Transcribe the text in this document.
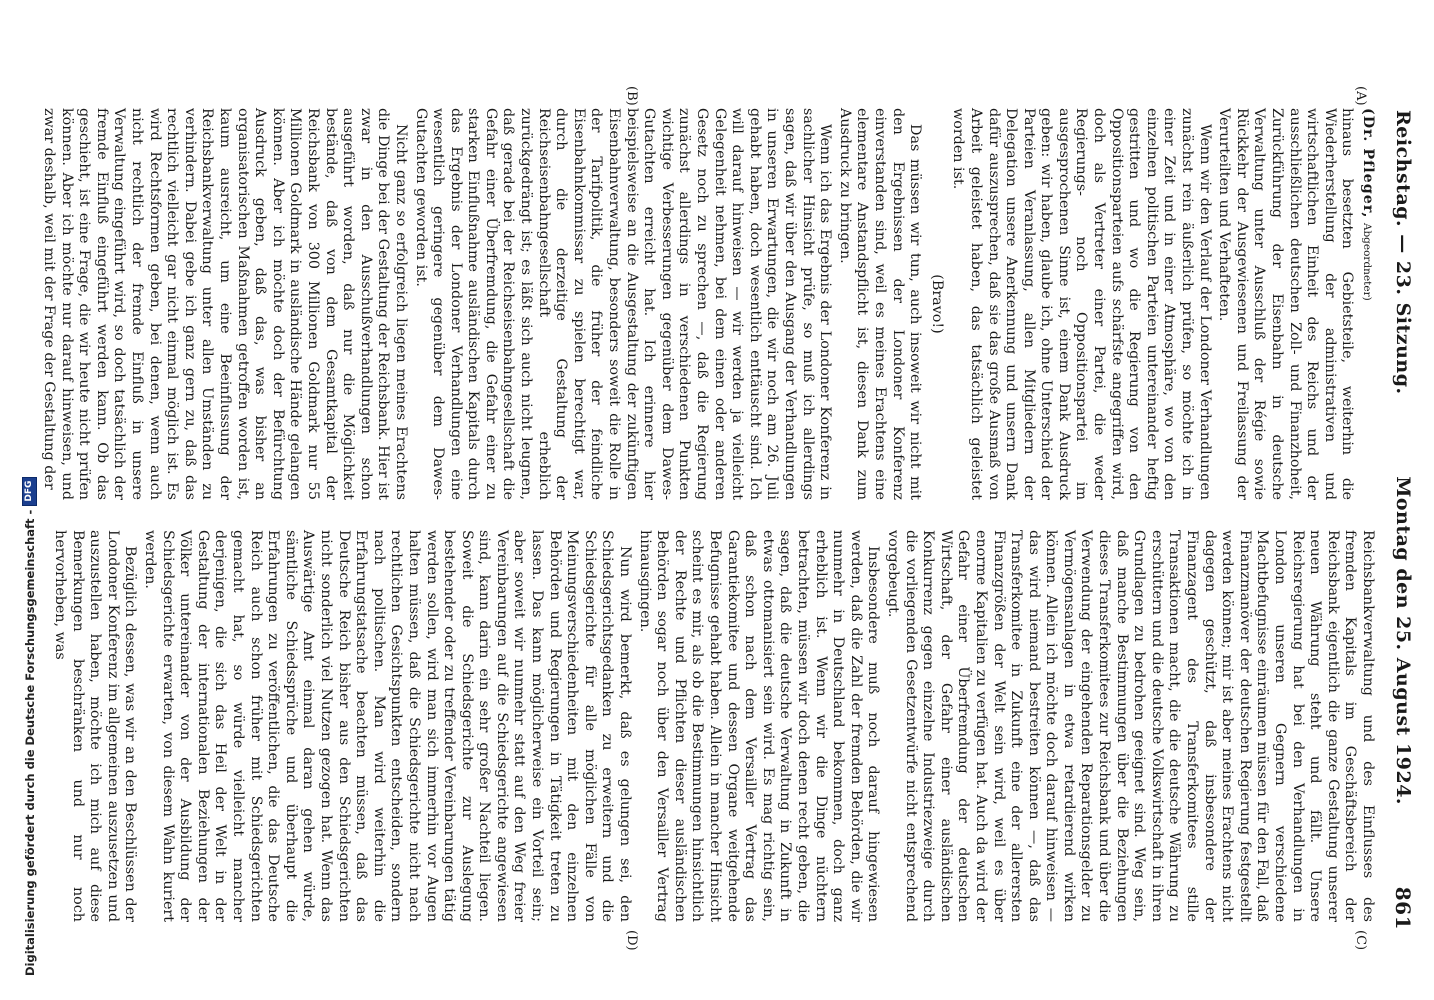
Reichstag. — 23. Sitzung.
Montag den 25. August 1924.
861
(A)
(B)
(C)
(D)

(Dr. Pfleger, Abgeordneter)

hinaus besetzten Gebietsteile, weiterhin die Wiederherstellung der administrativen und wirtschaftlichen Einheit des Reichs und der ausschließlichen deutschen Zoll- und Finanzhoheit, Zurückführung der Eisenbahn in deutsche Verwaltung unter Ausschluß der Régie sowie Rückkehr der Ausgewiesenen und Freilassung der Verurteilten und Verhafteten.

Wenn wir den Verlauf der Londoner Verhandlungen zunächst rein äußerlich prüfen, so möchte ich in einer Zeit und in einer Atmosphäre, wo von den einzelnen politischen Parteien untereinander heftig gestritten und wo die Regierung von den Oppositionsparteien aufs schärfste angegriffen wird, doch als Vertreter einer Partei, die weder Regierungs- noch Oppositionspartei im ausgesprochenen Sinne ist, einem Dank Ausdruck geben: wir haben, glaube ich, ohne Unterschied der Parteien Veranlassung, allen Mitgliedern der Delegation unsere Anerkennung und unsern Dank dafür auszusprechen, daß sie das große Ausmaß von Arbeit geleistet haben, das tatsächlich geleistet worden ist.

(Bravo!)

Das müssen wir tun, auch insoweit wir nicht mit den Ergebnissen der Londoner Konferenz einverstanden sind, weil es meines Erachtens eine elementare Anstandspflicht ist, diesen Dank zum Ausdruck zu bringen.

Wenn ich das Ergebnis der Londoner Konferenz in sachlicher Hinsicht prüfe, so muß ich allerdings sagen, daß wir über den Ausgang der Verhandlungen in unseren Erwartungen, die wir noch am 26. Juli gehabt haben, doch wesentlich enttäuscht sind. Ich will darauf hinweisen — wir werden ja vielleicht Gelegenheit nehmen, bei dem einen oder anderen Gesetz noch zu sprechen —, daß die Regierung zunächst allerdings in verschiedenen Punkten wichtige Verbesserungen gegenüber dem Dawes-Gutachten erreicht hat. Ich erinnere hier beispielsweise an die Ausgestaltung der zukünftigen Eisenbahnverwaltung, besonders soweit die Rolle in der Tarifpolitik, die früher der feindliche Eisenbahnkommissar zu spielen berechtigt war, durch die derzeitige Gestaltung der Reichseisenbahngesellschaft erheblich zurückgedrängt ist; es läßt sich auch nicht leugnen, daß gerade bei der Reichseisenbahngesellschaft die Gefahr einer Überfremdung, die Gefahr einer zu starken Einflußnahme ausländischen Kapitals durch das Ergebnis der Londoner Verhandlungen eine wesentlich geringere gegenüber dem Dawes-Gutachten geworden ist.

Nicht ganz so erfolgreich liegen meines Erachtens die Dinge bei der Gestaltung der Reichsbank. Hier ist zwar in den Ausschußverhandlungen schon ausgeführt worden, daß nur die Möglichkeit bestände, daß von dem Gesamtkapital der Reichsbank von 300 Millionen Goldmark nur 55 Millionen Goldmark in ausländische Hände gelangen können. Aber ich möchte doch der Befürchtung Ausdruck geben, daß das, was bisher an organisatorischen Maßnahmen getroffen worden ist, kaum ausreicht, um eine Beeinflussung der Reichsbankverwaltung unter allen Umständen zu verhindern. Dabei gebe ich ganz gern zu, daß das rechtlich vielleicht gar nicht einmal möglich ist. Es wird Rechtsformen geben, bei denen, wenn auch nicht rechtlich der fremde Einfluß in unsere Verwaltung eingeführt wird, so doch tatsächlich der fremde Einfluß eingeführt werden kann. Ob das geschieht, ist eine Frage, die wir heute nicht prüfen können. Aber ich möchte nur darauf hinweisen, und zwar deshalb, weil mit der Frage der Gestaltung der

Reichsbankverwaltung und des Einflusses des fremden Kapitals im Geschäftsbereich der Reichsbank eigentlich die ganze Gestaltung unserer neuen Währung steht und fällt. Unsere Reichsregierung hat bei den Verhandlungen in London unseren Gegnern verschiedene Machtbefugnisse einräumen müssen für den Fall, daß Finanzmanöver der deutschen Regierung festgestellt werden können; mir ist aber meines Erachtens nicht dagegen geschützt, daß insbesondere der Finanzagent des Transferkomitees stille Transaktionen macht, die die deutsche Währung zu erschüttern und die deutsche Volkswirtschaft in ihren Grundlagen zu bedrohen geeignet sind. Weg sein, daß manche Bestimmungen über die Beziehungen dieses Transferkomitees zur Reichsbank und über die Verwendung der eingehenden Reparationsgelder zu Vermögensanlagen in etwa retardierend wirken können. Allein ich möchte doch darauf hinweisen — das wird niemand bestreiten können —, daß das Transferkomitee in Zukunft eine der allerersten Finanzgrößen der Welt sein wird, weil es über enorme Kapitalien zu verfügen hat. Auch da wird der Gefahr einer Überfremdung der deutschen Wirtschaft, der Gefahr einer ausländischen Konkurrenz gegen einzelne Industriezweige durch die vorliegenden Gesetzentwürfe nicht entsprechend vorgebeugt.

Insbesondere muß noch darauf hingewiesen werden, daß die Zahl der fremden Behörden, die wir nunmehr in Deutschland bekommen, doch ganz erheblich ist. Wenn wir die Dinge nüchtern betrachten, müssen wir doch denen recht geben, die sagen, daß die deutsche Verwaltung in Zukunft in etwas ottomanisiert sein wird. Es mag richtig sein, daß schon nach dem Versailler Vertrag das Garantiekomitee und dessen Organe weitgehende Befugnisse gehabt haben. Allein in mancher Hinsicht scheint es mir, als ob die Bestimmungen hinsichtlich der Rechte und Pflichten dieser ausländischen Behörden sogar noch über den Versailler Vertrag hinausgingen.

Nun wird bemerkt, daß es gelungen sei, den Schiedsgerichtsgedanken zu erweitern und die Schiedsgerichte für alle möglichen Fälle von Meinungsverschiedenheiten mit den einzelnen Behörden und Regierungen in Tätigkeit treten zu lassen. Das kann möglicherweise ein Vorteil sein; aber soweit wir nunmehr statt auf den Weg freier Vereinbarungen auf die Schiedsgerichte angewiesen sind, kann darin ein sehr großer Nachteil liegen. Soweit die Schiedsgerichte zur Auslegung bestehender oder zu treffender Vereinbarungen tätig werden sollen, wird man sich immerhin vor Augen halten müssen, daß die Schiedsgerichte nicht nach rechtlichen Gesichtspunkten entscheiden, sondern nach politischen. Man wird weiterhin die Erfahrungstatsache beachten müssen, daß das Deutsche Reich bisher aus den Schiedsgerichten nicht sonderlich viel Nutzen gezogen hat. Wenn das Auswärtige Amt einmal daran gehen würde, sämtliche Schiedssprüche und überhaupt die Erfahrungen zu veröffentlichen, die das Deutsche Reich auch schon früher mit Schiedsgerichten gemacht hat, so würde vielleicht mancher derjenigen, die sich das Heil der Welt in der Gestaltung der internationalen Beziehungen der Völker untereinander von der Ausbildung der Schiedsgerichte erwarten, von diesem Wahn kuriert werden.

Bezüglich dessen, was wir an den Beschlüssen der Londoner Konferenz im allgemeinen auszusetzen und auszustellen haben, möchte ich mich auf diese Bemerkungen beschränken und nur noch hervorheben, was

Digitalisierung gefördert durch die Deutsche Forschungsgemeinschaft -
DFG
